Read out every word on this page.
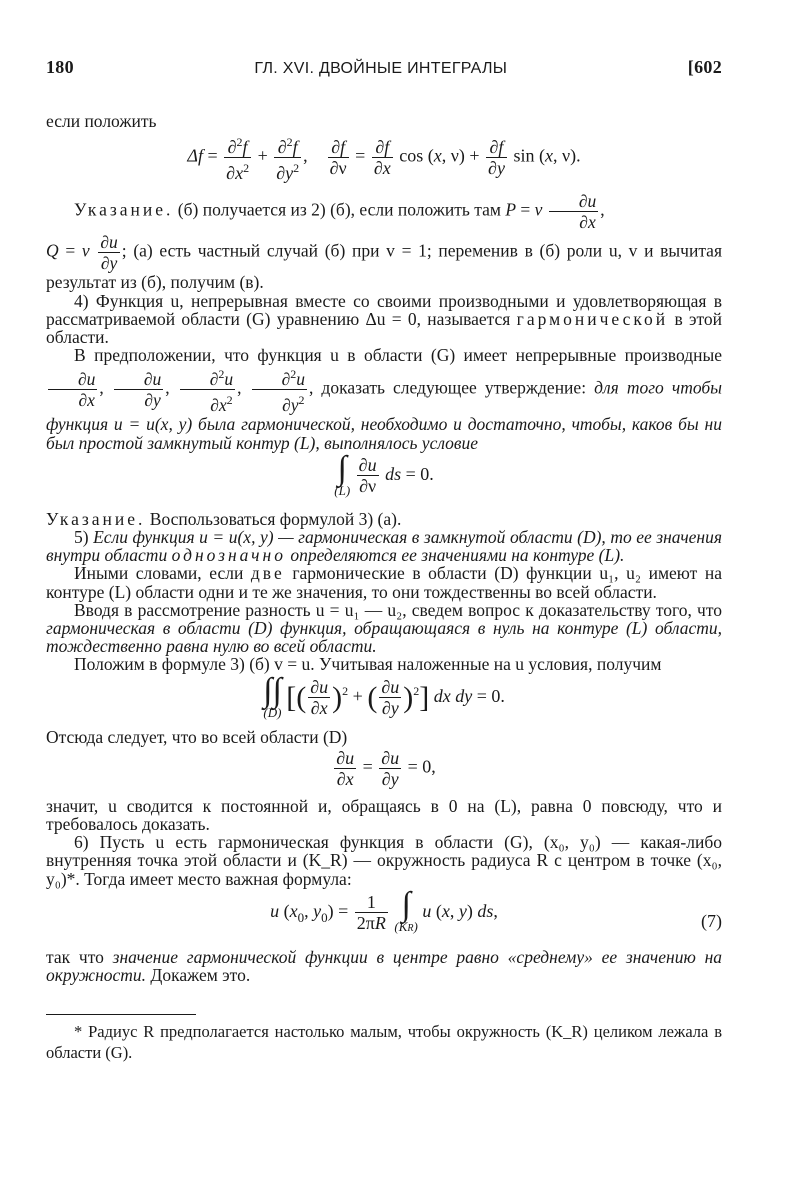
180	ГЛ. XVI. ДВОЙНЫЕ ИНТЕГРАЛЫ	[602

если положить

$\Delta f = \frac{\partial^2f}{\partial x^2} + \frac{\partial^2f}{\partial y^2}$ , $\frac{\partial f}{\partial\nu} = \frac{\partial f}{\partial x}$ cos (x, $\nu) + \frac{\partial f}{\partial y}$ sin (x, ν).

Указание. (б) получается из 2) (б), если положить там P = v $\frac{\partial u}{\partial x}$ ,

Q = v $\frac{\partial u}{\partial y}$ ; (а) есть частный случай (б) при v = 1; переменив в (б) роли u, v и вычитая результат из (б), получим (в).

4) Функция u, непрерывная вместе со своими производными и удовлетворяющая в рассматриваемой области (G) уравнению Δu = 0, называется гармонической в этой области.

В предположении, что функция u в области (G) имеет непрерывные производные
$\frac{\partial u}{\partial x}$ , $\frac{\partial u}{\partial y}$ , $\frac{\partial^2u}{\partial x^2}$ , $\frac{\partial^2u}{\partial y^2}$ , доказать следующее утверждение: для того чтобы функция u = u(x, y) была гармонической, необходимо и достаточно, чтобы, каков бы ни был простой замкнутый контур (L), выполнялось условие

∫
(L)
$\frac{\partial u}{\partial\nu}$ ds = 0.

Указание. Воспользоваться формулой 3) (а).

5) Если функция u = u(x, y) — гармоническая в замкнутой области (D), то ее значения внутри области однозначно определяются ее значениями на контуре (L).

Иными словами, если две гармонические в области (D) функции u₁, u₂ имеют на контуре (L) области одни и те же значения, то они тождественны во всей области.

Вводя в рассмотрение разность u = u₁ — u₂, сведем вопрос к доказательству того, что гармоническая в области (D) функция, обращающаяся в нуль на контуре (L) области, тождественно равна нулю во всей области.

Положим в формуле 3) (б) v = u. Учитывая наложенные на u условия, получим

∫∫
(D) [( $\frac{\partial u}{\partial x} )^2$ + ( $\frac{\partial u}{\partial y} )^2$] dx dy = 0.

Отсюда следует, что во всей области (D)

$\frac{\partial u}{\partial x} = \frac{\partial u}{\partial y} = 0$,

значит, u сводится к постоянной и, обращаясь в 0 на (L), равна 0 повсюду, что и требовалось доказать.

6) Пусть u есть гармоническая функция в области (G), (x₀, y₀) — какая-либо внутренняя точка этой области и (K_R) — окружность радиуса R с центром в точке (x₀, y₀)*. Тогда имеет место важная формула:

u ($x_0$, $y_0) = \frac{1}{2\pi R}$
∫
(KR)
u (x, y) ds,	(7)

так что значение гармонической функции в центре равно «среднему» ее значению на окружности. Докажем это.

* Радиус R предполагается настолько малым, чтобы окружность (K_R) целиком лежала в области (G).
